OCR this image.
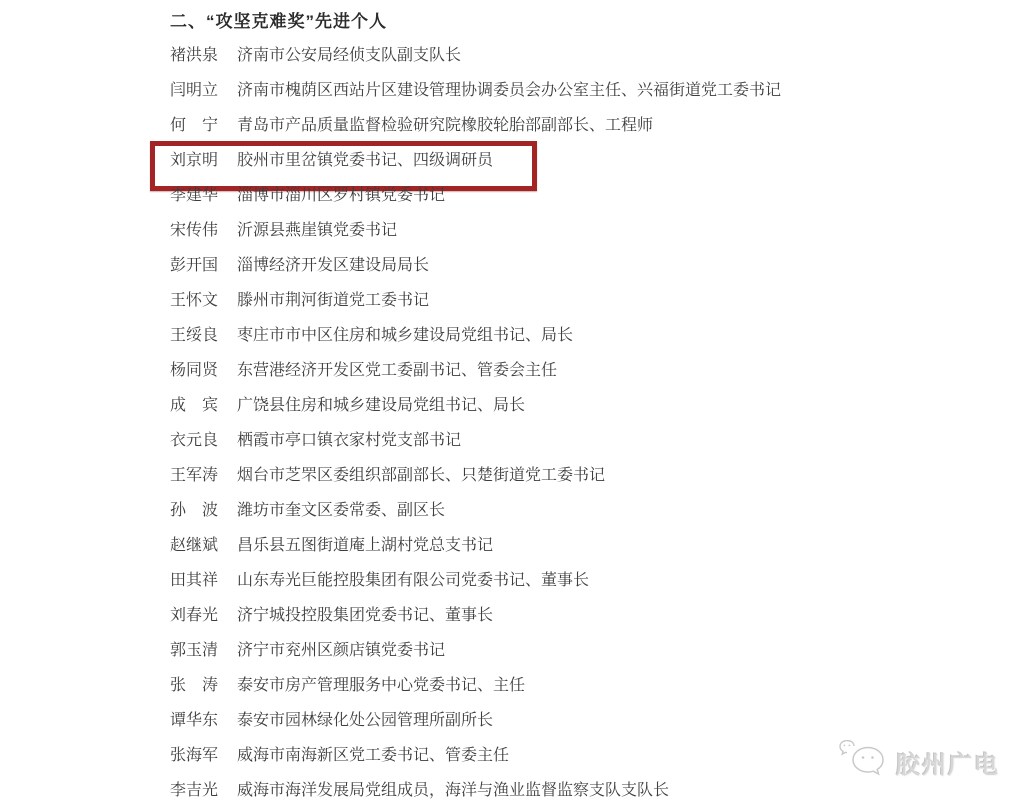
二、“攻坚克难奖”先进个人
褚洪泉 济南市公安局经侦支队副支队长
闫明立 济南市槐荫区西站片区建设管理协调委员会办公室主任、兴福街道党工委书记
何　宁 青岛市产品质量监督检验研究院橡胶轮胎部副部长、工程师
刘京明 胶州市里岔镇党委书记、四级调研员
李建华 淄博市淄川区罗村镇党委书记
宋传伟 沂源县燕崖镇党委书记
彭开国 淄博经济开发区建设局局长
王怀文 滕州市荆河街道党工委书记
王绥良 枣庄市市中区住房和城乡建设局党组书记、局长
杨同贤 东营港经济开发区党工委副书记、管委会主任
成　宾 广饶县住房和城乡建设局党组书记、局长
衣元良 栖霞市亭口镇衣家村党支部书记
王军涛 烟台市芝罘区委组织部副部长、只楚街道党工委书记
孙　波 潍坊市奎文区委常委、副区长
赵继斌 昌乐县五图街道庵上湖村党总支书记
田其祥 山东寿光巨能控股集团有限公司党委书记、董事长
刘春光 济宁城投控股集团党委书记、董事长
郭玉清 济宁市兖州区颜店镇党委书记
张　涛 泰安市房产管理服务中心党委书记、主任
谭华东 泰安市园林绿化处公园管理所副所长
张海军 威海市南海新区党工委书记、管委主任
李吉光 威海市海洋发展局党组成员，海洋与渔业监督监察支队支队长
胶州广电
